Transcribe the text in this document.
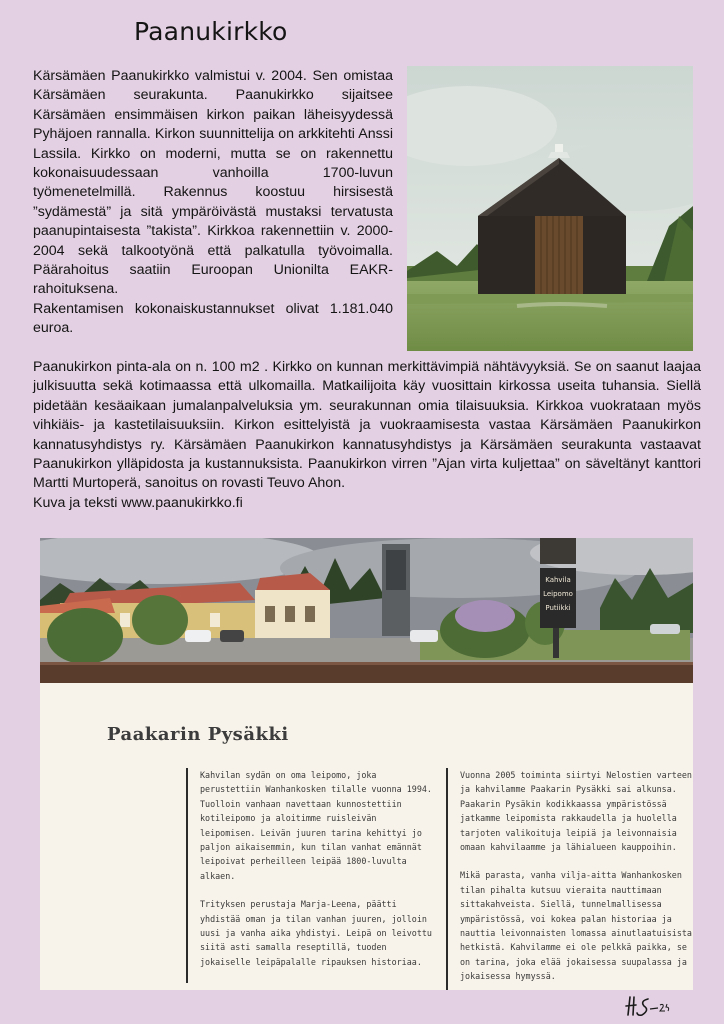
Paanukirkko

Kärsämäen Paanukirkko valmistui v. 2004. Sen omistaa Kärsämäen seurakunta. Paanukirkko sijaitsee Kärsämäen ensimmäisen kirkon paikan läheisyydessä Pyhäjoen rannalla. Kirkon suunnittelija on arkkitehti Anssi Lassila. Kirkko on moderni, mutta se on rakennettu kokonaisuudessaan vanhoilla 1700-luvun työmenetelmillä. Rakennus koostuu hirsisestä ”sydämestä” ja sitä ympäröivästä mustaksi tervatusta paanupintaisesta ”takista”. Kirkkoa rakennettiin v. 2000-2004 sekä talkootyönä että palkatulla työvoimalla. Päärahoitus saatiin Euroopan Unionilta EAKR-rahoituksena.

Rakentamisen kokonaiskustannukset olivat 1.181.040 euroa.

Paanukirkon pinta-ala on n. 100 m2 . Kirkko on kunnan merkittävimpiä nähtävyyksiä. Se on saanut laajaa julkisuutta sekä kotimaassa että ulkomailla. Matkailijoita käy vuosittain kirkossa useita tuhansia. Siellä pidetään kesäaikaan jumalanpalveluksia ym. seurakunnan omia tilaisuuksia. Kirkkoa vuokrataan myös vihkiäis- ja kastetilaisuuksiin. Kirkon esittelyistä ja vuokraamisesta vastaa Kärsämäen Paanukirkon kannatusyhdistys ry. Kärsämäen Paanukirkon kannatusyhdistys ja Kärsämäen seurakunta vastaavat Paanukirkon ylläpidosta ja kustannuksista. Paanukirkon virren ”Ajan virta kuljettaa” on säveltänyt kanttori Martti Murtoperä, sanoitus on rovasti Teuvo Ahon.

Kuva ja teksti www.paanukirkko.fi

Kahvila
Leipomo
Putiikki
Paakarin Pysäkki

Kahvilan sydän on oma leipomo, joka perustettiin Wanhankosken tilalle vuonna 1994. Tuolloin vanhaan navettaan kunnostettiin kotileipomo ja aloitimme ruisleivän leipomisen. Leivän juuren tarina kehittyi jo paljon aikaisemmin, kun tilan vanhat emännät leipoivat perheilleen leipää 1800-luvulta alkaen.

Trityksen perustaja Marja-Leena, päätti yhdistää oman ja tilan vanhan juuren, jolloin uusi ja vanha aika yhdistyi. Leipä on leivottu siitä asti samalla reseptillä, tuoden jokaiselle leipäpalalle ripauksen historiaa.

Vuonna 2005 toiminta siirtyi Nelostien varteen ja kahvilamme Paakarin Pysäkki sai alkunsa. Paakarin Pysäkin kodikkaassa ympäristössä jatkamme leipomista rakkaudella ja huolella tarjoten valikoituja leipiä ja leivonnaisia omaan kahvilaamme ja lähialueen kauppoihin.

Mikä parasta, vanha vilja-aitta Wanhankosken tilan pihalta kutsuu vieraita nauttimaan sittakahveista. Siellä, tunnelmallisessa ympäristössä, voi kokea palan historiaa ja nauttia leivonnaisten lomassa ainutlaatuisista hetkistä. Kahvilamme ei ole pelkkä paikka, se on tarina, joka elää jokaisessa suupalassa ja jokaisessa hymyssä.
